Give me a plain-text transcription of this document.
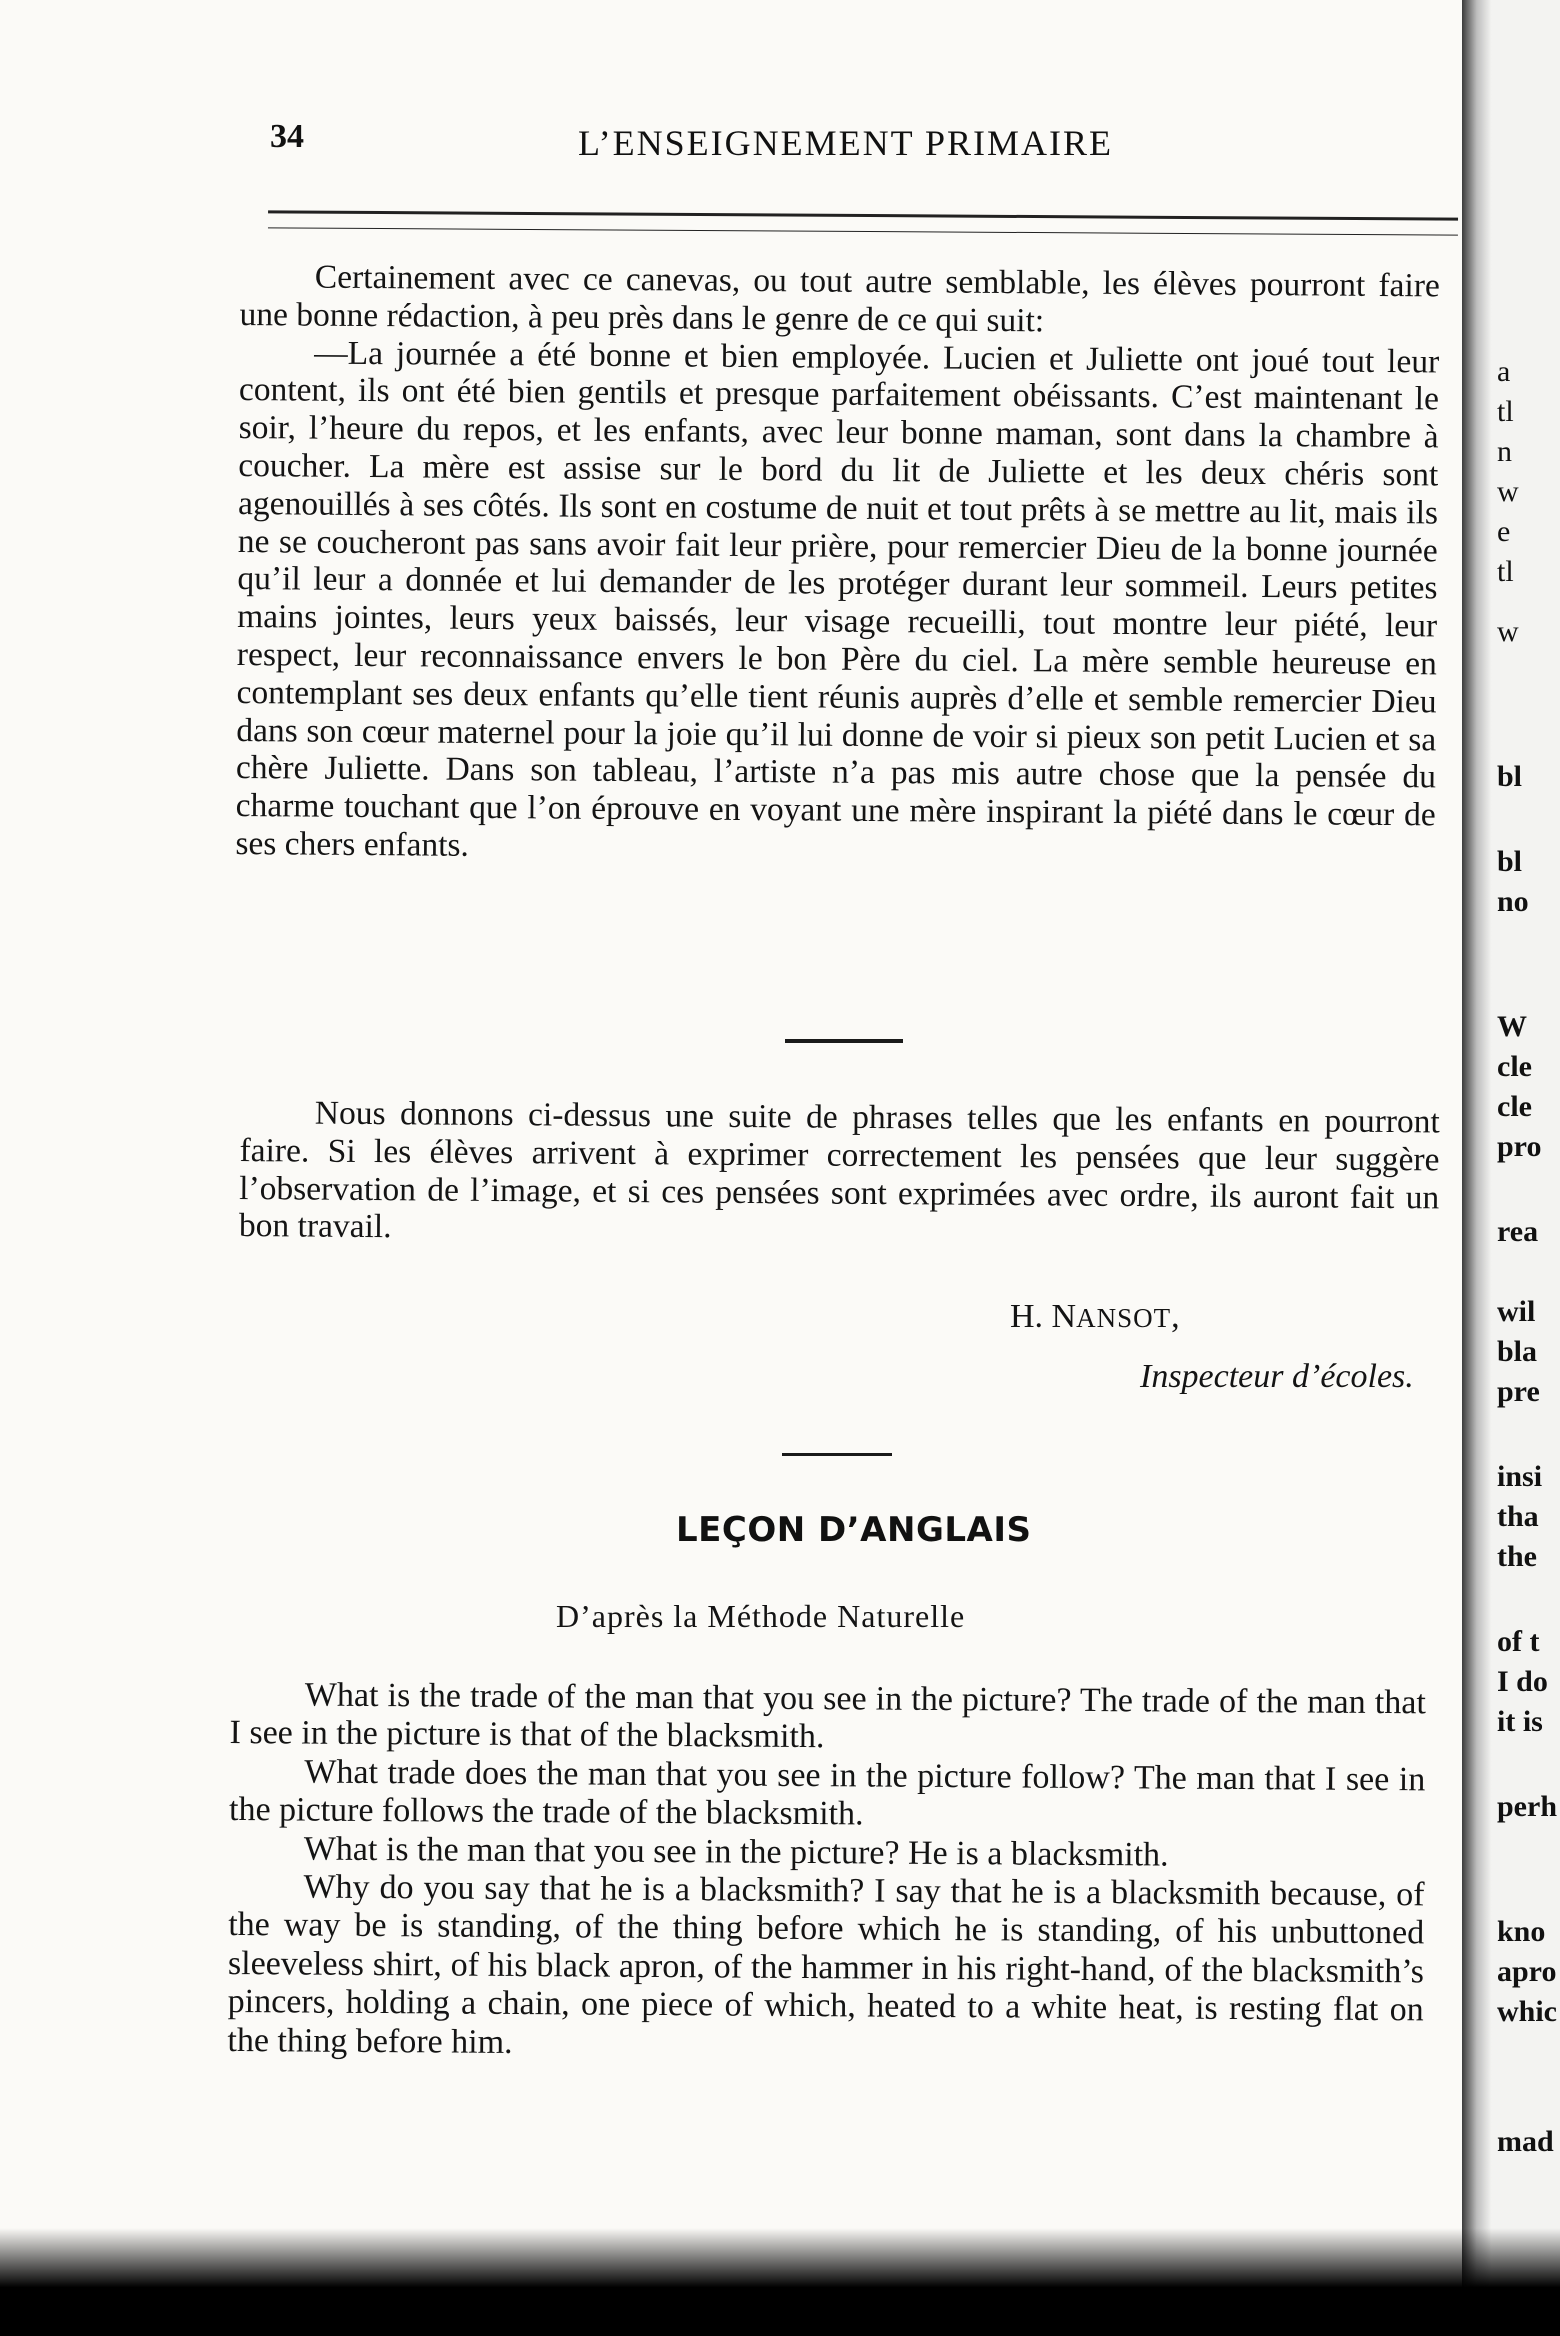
34	L’ENSEIGNEMENT PRIMAIRE

Certainement avec ce canevas, ou tout autre semblable, les élèves pourront faire une bonne rédaction, à peu près dans le genre de ce qui suit:

—La journée a été bonne et bien employée. Lucien et Juliette ont joué tout leur content, ils ont été bien gentils et presque parfaitement obéissants. C’est maintenant le soir, l’heure du repos, et les enfants, avec leur bonne maman, sont dans la chambre à coucher. La mère est assise sur le bord du lit de Juliette et les deux chéris sont agenouillés à ses côtés. Ils sont en costume de nuit et tout prêts à se mettre au lit, mais ils ne se coucheront pas sans avoir fait leur prière, pour remercier Dieu de la bonne journée qu’il leur a donnée et lui demander de les protéger durant leur sommeil. Leurs petites mains jointes, leurs yeux baissés, leur visage recueilli, tout montre leur piété, leur respect, leur reconnaissance envers le bon Père du ciel. La mère semble heureuse en contemplant ses deux enfants qu’elle tient réunis auprès d’elle et semble remercier Dieu dans son cœur maternel pour la joie qu’il lui donne de voir si pieux son petit Lucien et sa chère Juliette. Dans son tableau, l’artiste n’a pas mis autre chose que la pensée du charme touchant que l’on éprouve en voyant une mère inspirant la piété dans le cœur de ses chers enfants.

Nous donnons ci-dessus une suite de phrases telles que les enfants en pourront faire. Si les élèves arrivent à exprimer correctement les pensées que leur suggère l’observation de l’image, et si ces pensées sont exprimées avec ordre, ils auront fait un bon travail.

H. NANSOT,
Inspecteur d’écoles.
LEÇON D’ANGLAIS
D’après la Méthode Naturelle

What is the trade of the man that you see in the picture? The trade of the man that I see in the picture is that of the blacksmith.

What trade does the man that you see in the picture follow? The man that I see in the picture follows the trade of the blacksmith.

What is the man that you see in the picture? He is a blacksmith.

Why do you say that he is a blacksmith? I say that he is a blacksmith because, of the way be is standing, of the thing before which he is standing, of his unbuttoned sleeveless shirt, of his black apron, of the hammer in his right-hand, of the blacksmith’s pincers, holding a chain, one piece of which, heated to a white heat, is resting flat on the thing before him.

a
tl
n
w
e
tl
w
bl
bl
no
W
cle
cle
pro
rea
wil
bla
pre
insi
tha
the
of t
I do
it is
perh
kno
apro
whic
mad
